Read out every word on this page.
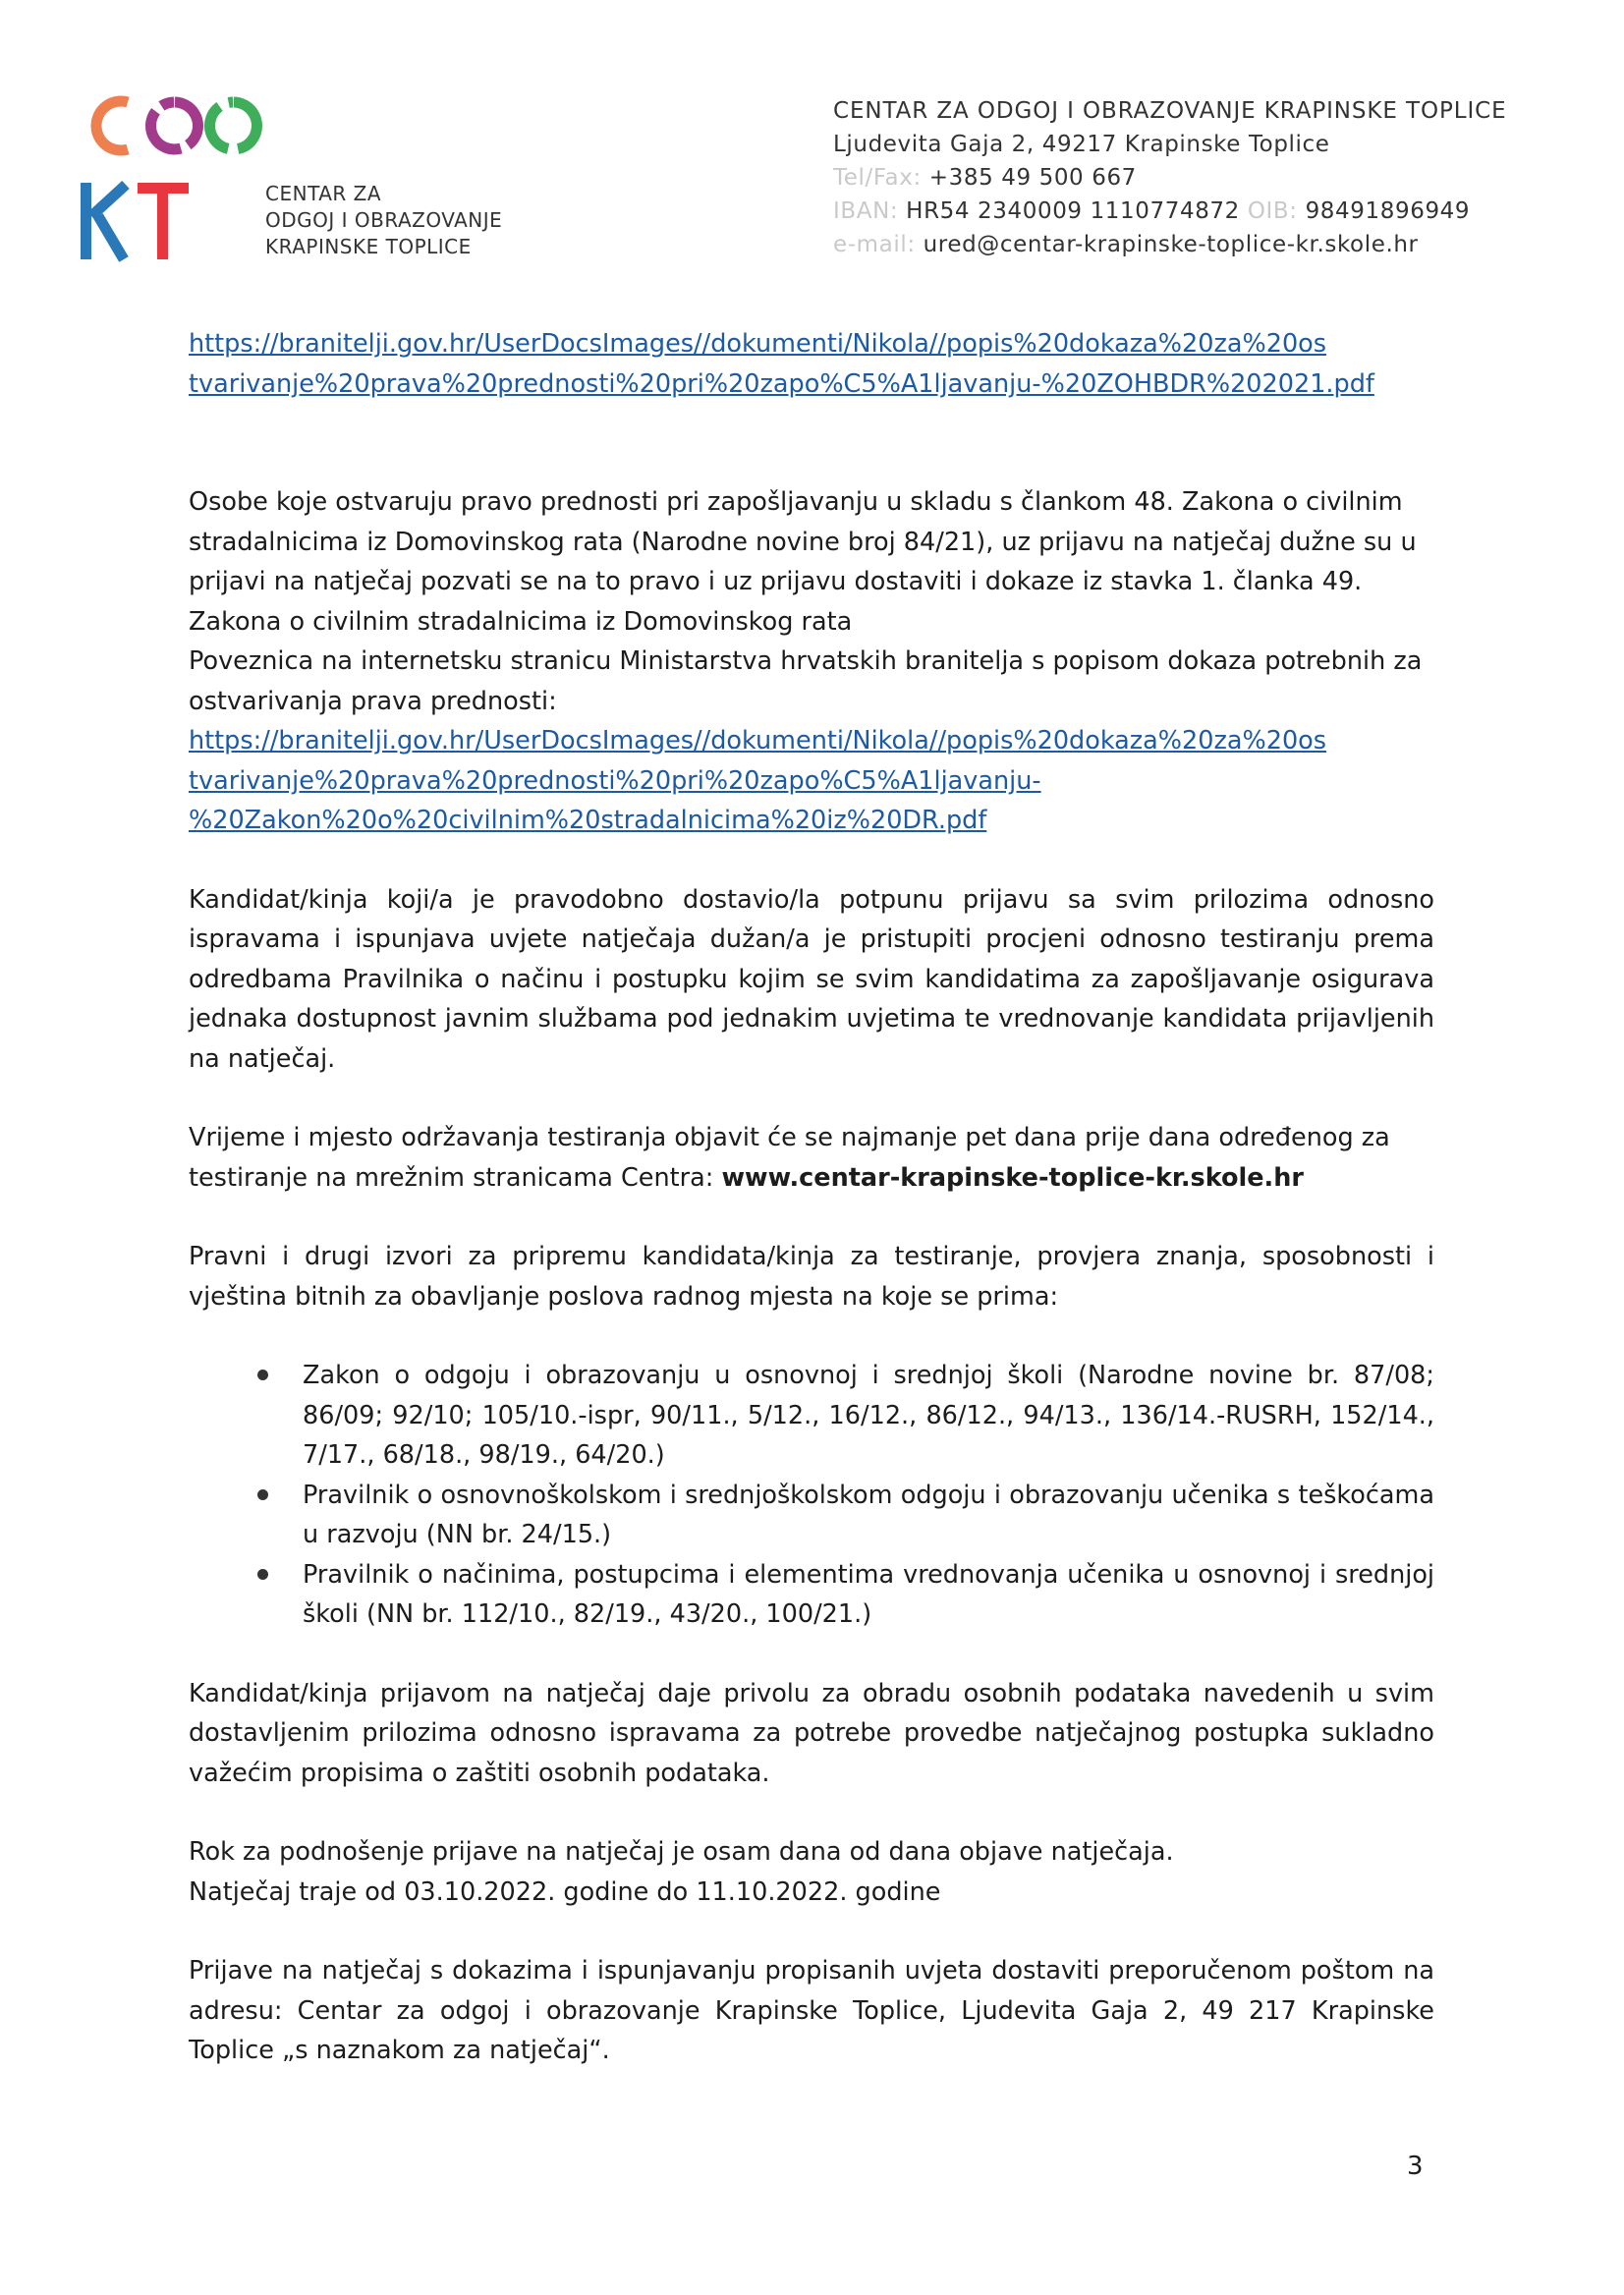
CENTAR ZA
ODGOJ I OBRAZOVANJE
KRAPINSKE TOPLICE
CENTAR ZA ODGOJ I OBRAZOVANJE KRAPINSKE TOPLICE
Ljudevita Gaja 2, 49217 Krapinske Toplice
Tel/Fax: +385 49 500 667
IBAN: HR54 2340009 1110774872 OIB: 98491896949
e-mail: ured@centar-krapinske-toplice-kr.skole.hr
https://branitelji.gov.hr/UserDocsImages//dokumenti/Nikola//popis%20dokaza%20za%20os
tvarivanje%20prava%20prednosti%20pri%20zapo%C5%A1ljavanju-%20ZOHBDR%202021.pdf

Osobe koje ostvaruju pravo prednosti pri zapošljavanju u skladu s člankom 48. Zakona o civilnim stradalnicima iz Domovinskog rata (Narodne novine broj 84/21), uz prijavu na natječaj dužne su u prijavi na natječaj pozvati se na to pravo i uz prijavu dostaviti i dokaze iz stavka 1. članka 49. Zakona o civilnim stradalnicima iz Domovinskog rata

Poveznica na internetsku stranicu Ministarstva hrvatskih branitelja s popisom dokaza potrebnih za ostvarivanja prava prednosti:

https://branitelji.gov.hr/UserDocsImages//dokumenti/Nikola//popis%20dokaza%20za%20os
tvarivanje%20prava%20prednosti%20pri%20zapo%C5%A1ljavanju-
%20Zakon%20o%20civilnim%20stradalnicima%20iz%20DR.pdf

Kandidat/kinja koji/a je pravodobno dostavio/la potpunu prijavu sa svim prilozima odnosno ispravama i ispunjava uvjete natječaja dužan/a je pristupiti procjeni odnosno testiranju prema odredbama Pravilnika o načinu i postupku kojim se svim kandidatima za zapošljavanje osigurava jednaka dostupnost javnim službama pod jednakim uvjetima te vrednovanje kandidata prijavljenih na natječaj.

Vrijeme i mjesto održavanja testiranja objavit će se najmanje pet dana prije dana određenog za testiranje na mrežnim stranicama Centra: www.centar-krapinske-toplice-kr.skole.hr

Pravni i drugi izvori za pripremu kandidata/kinja za testiranje, provjera znanja, sposobnosti i vještina bitnih za obavljanje poslova radnog mjesta na koje se prima:

Zakon o odgoju i obrazovanju u osnovnoj i srednjoj školi (Narodne novine br. 87/08; 86/09; 92/10; 105/10.-ispr, 90/11., 5/12., 16/12., 86/12., 94/13., 136/14.-RUSRH, 152/14., 7/17., 68/18., 98/19., 64/20.)
Pravilnik o osnovnoškolskom i srednjoškolskom odgoju i obrazovanju učenika s teškoćama u razvoju (NN br. 24/15.)
Pravilnik o načinima, postupcima i elementima vrednovanja učenika u osnovnoj i srednjoj školi (NN br. 112/10., 82/19., 43/20., 100/21.)

Kandidat/kinja prijavom na natječaj daje privolu za obradu osobnih podataka navedenih u svim dostavljenim prilozima odnosno ispravama za potrebe provedbe natječajnog postupka sukladno važećim propisima o zaštiti osobnih podataka.

Rok za podnošenje prijave na natječaj je osam dana od dana objave natječaja.
Natječaj traje od 03.10.2022. godine do 11.10.2022. godine

Prijave na natječaj s dokazima i ispunjavanju propisanih uvjeta dostaviti preporučenom poštom na adresu: Centar za odgoj i obrazovanje Krapinske Toplice, Ljudevita Gaja 2, 49 217 Krapinske Toplice „s naznakom za natječaj“.

3
